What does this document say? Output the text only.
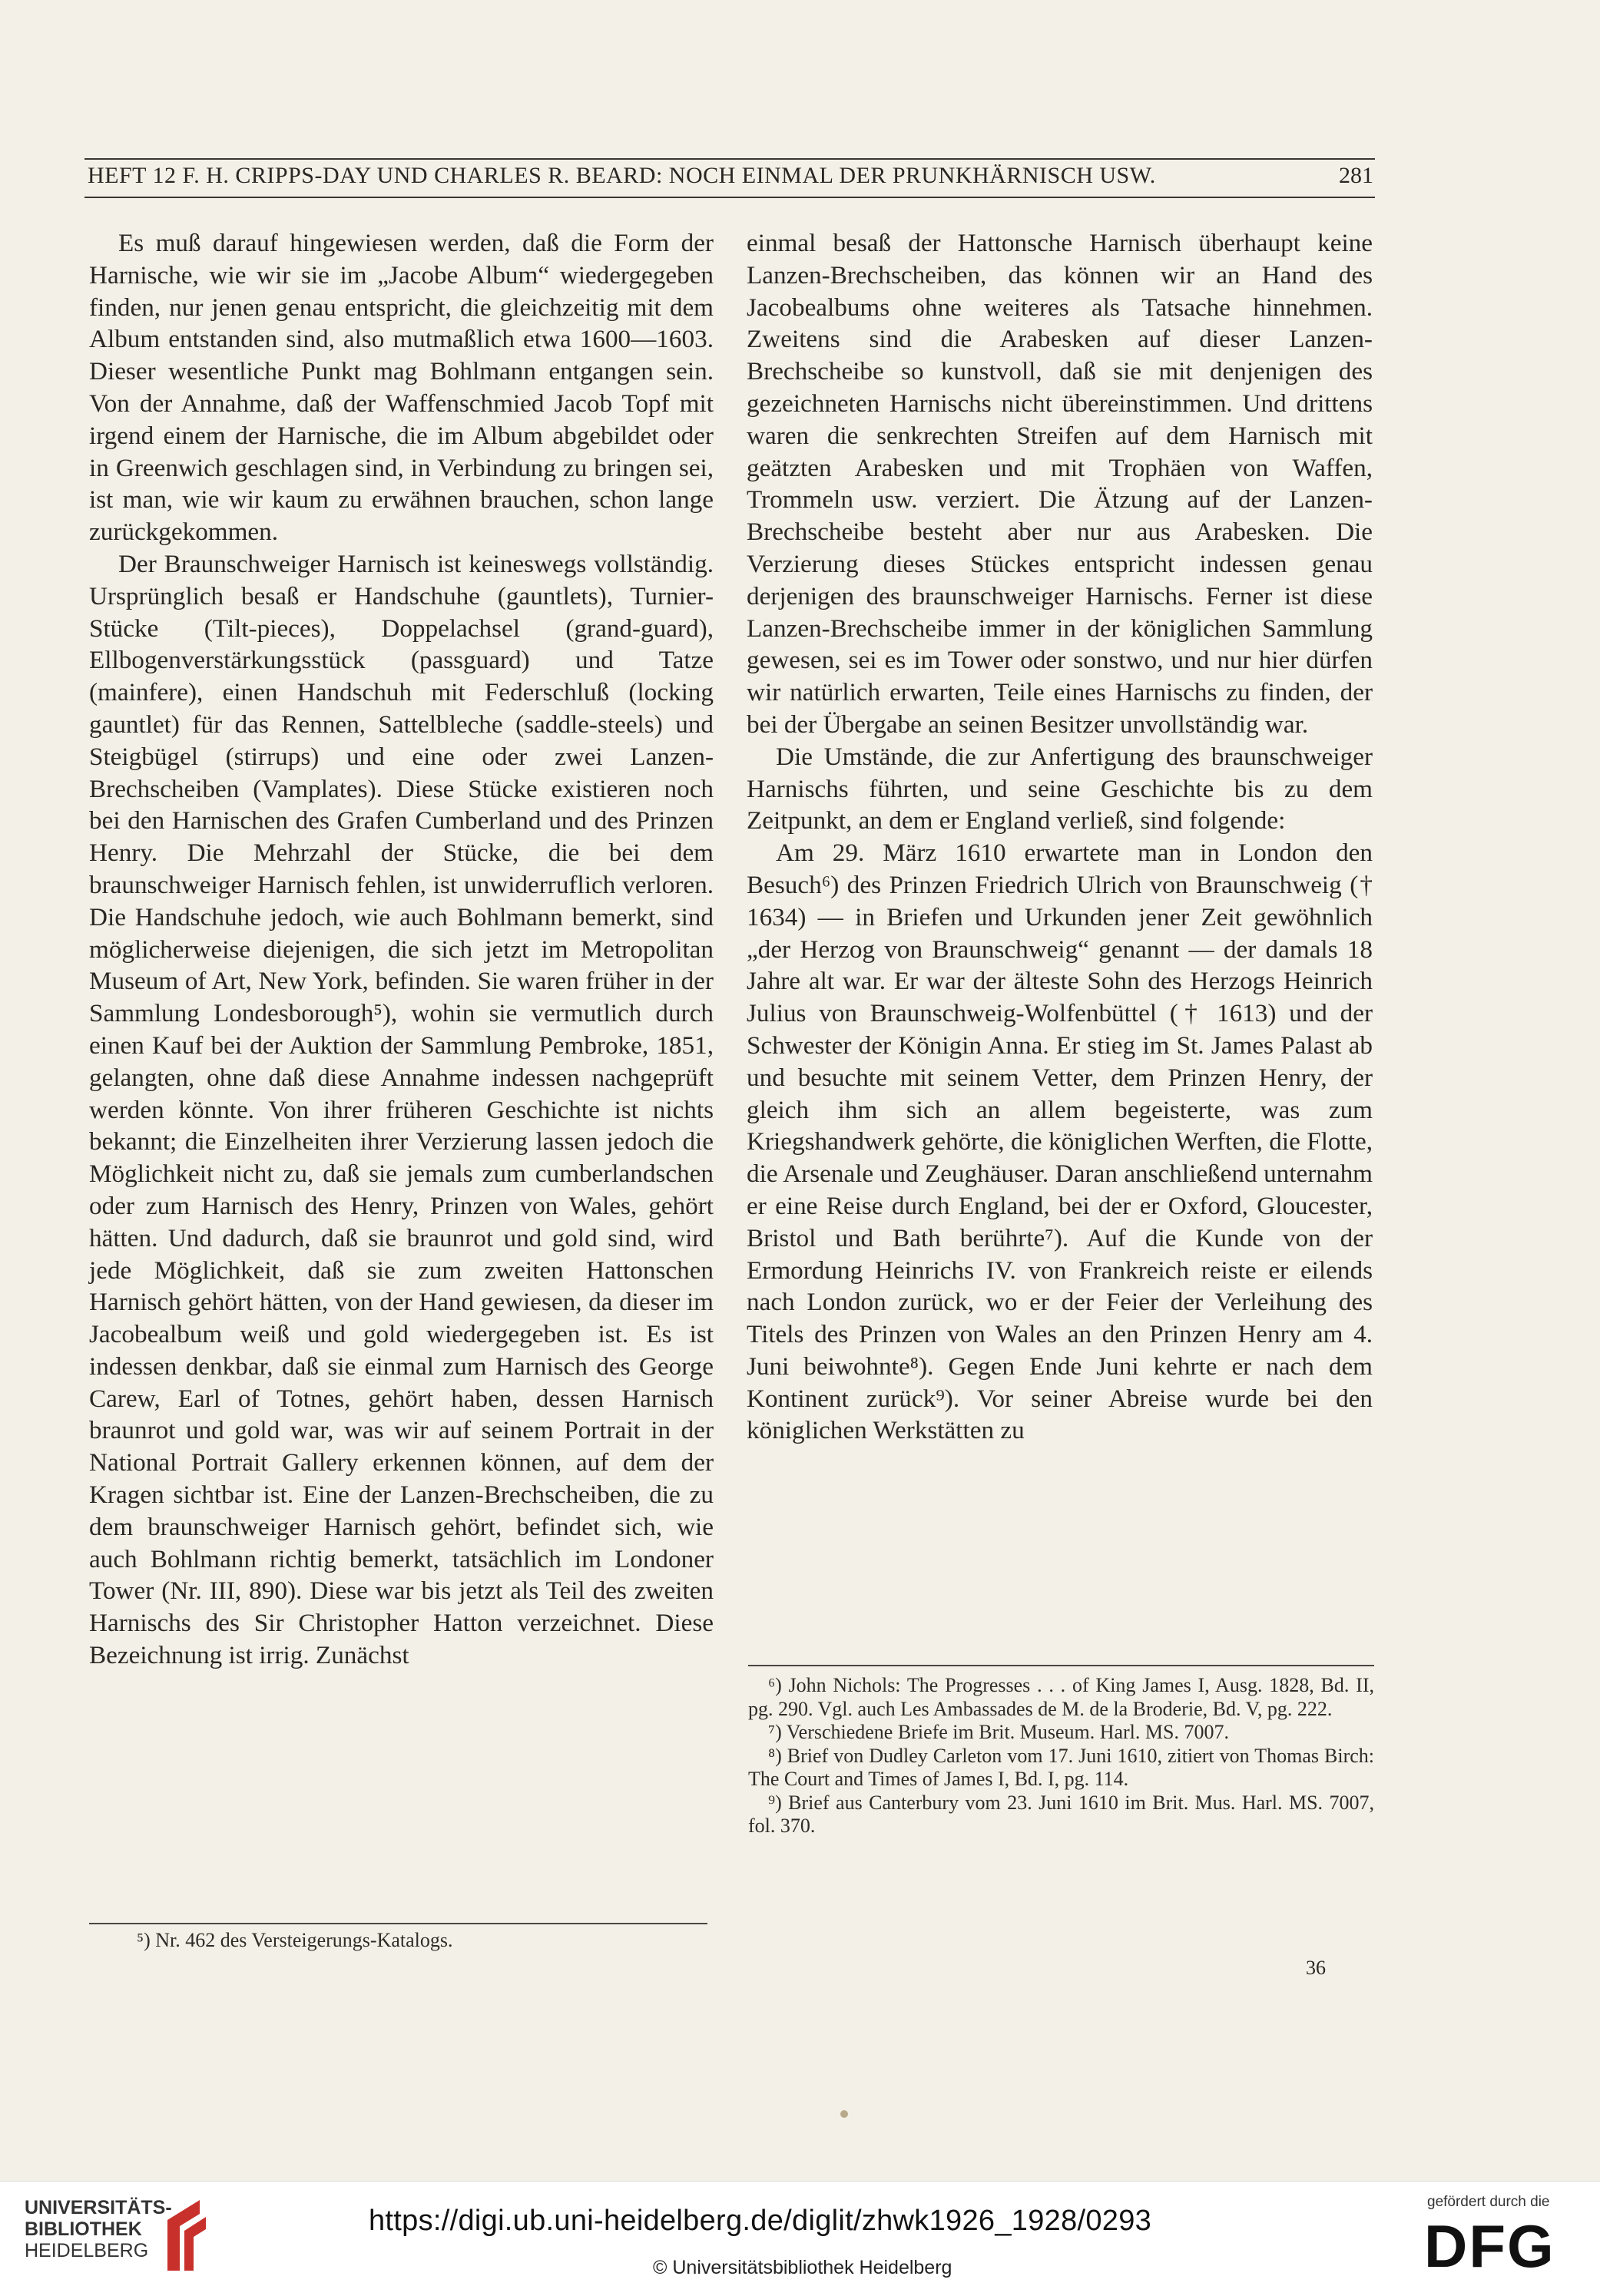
HEFT 12 F. H. CRIPPS-DAY UND CHARLES R. BEARD: NOCH EINMAL DER PRUNKHÄRNISCH USW.	281

Es muß darauf hingewiesen werden, daß die Form der Harnische, wie wir sie im „Jacobe Album“ wiedergegeben finden, nur jenen genau entspricht, die gleichzeitig mit dem Album entstanden sind, also mutmaßlich etwa 1600—1603. Dieser wesentliche Punkt mag Bohlmann entgangen sein. Von der Annahme, daß der Waffenschmied Jacob Topf mit irgend einem der Harnische, die im Album abgebildet oder in Greenwich geschlagen sind, in Verbindung zu bringen sei, ist man, wie wir kaum zu erwähnen brauchen, schon lange zurückgekommen.

Der Braunschweiger Harnisch ist keineswegs vollständig. Ursprünglich besaß er Handschuhe (gauntlets), Turnier-Stücke (Tilt-pieces), Doppelachsel (grand-guard), Ellbogenverstärkungsstück (passguard) und Tatze (mainfere), einen Handschuh mit Federschluß (locking gauntlet) für das Rennen, Sattelbleche (saddle-steels) und Steigbügel (stirrups) und eine oder zwei Lanzen-Brechscheiben (Vamplates). Diese Stücke existieren noch bei den Harnischen des Grafen Cumberland und des Prinzen Henry. Die Mehrzahl der Stücke, die bei dem braunschweiger Harnisch fehlen, ist unwiderruflich verloren. Die Handschuhe jedoch, wie auch Bohlmann bemerkt, sind möglicherweise diejenigen, die sich jetzt im Metropolitan Museum of Art, New York, befinden. Sie waren früher in der Sammlung Londesborough⁵), wohin sie vermutlich durch einen Kauf bei der Auktion der Sammlung Pembroke, 1851, gelangten, ohne daß diese Annahme indessen nachgeprüft werden könnte. Von ihrer früheren Geschichte ist nichts bekannt; die Einzelheiten ihrer Verzierung lassen jedoch die Möglichkeit nicht zu, daß sie jemals zum cumberlandschen oder zum Harnisch des Henry, Prinzen von Wales, gehört hätten. Und dadurch, daß sie braunrot und gold sind, wird jede Möglichkeit, daß sie zum zweiten Hattonschen Harnisch gehört hätten, von der Hand gewiesen, da dieser im Jacobealbum weiß und gold wiedergegeben ist. Es ist indessen denkbar, daß sie einmal zum Harnisch des George Carew, Earl of Totnes, gehört haben, dessen Harnisch braunrot und gold war, was wir auf seinem Portrait in der National Portrait Gallery erkennen können, auf dem der Kragen sichtbar ist. Eine der Lanzen-Brechscheiben, die zu dem braunschweiger Harnisch gehört, befindet sich, wie auch Bohlmann richtig bemerkt, tatsächlich im Londoner Tower (Nr. III, 890). Diese war bis jetzt als Teil des zweiten Harnischs des Sir Christopher Hatton verzeichnet. Diese Bezeichnung ist irrig. Zunächst

einmal besaß der Hattonsche Harnisch überhaupt keine Lanzen-Brechscheiben, das können wir an Hand des Jacobealbums ohne weiteres als Tatsache hinnehmen. Zweitens sind die Arabesken auf dieser Lanzen-Brechscheibe so kunstvoll, daß sie mit denjenigen des gezeichneten Harnischs nicht übereinstimmen. Und drittens waren die senkrechten Streifen auf dem Harnisch mit geätzten Arabesken und mit Trophäen von Waffen, Trommeln usw. verziert. Die Ätzung auf der Lanzen-Brechscheibe besteht aber nur aus Arabesken. Die Verzierung dieses Stückes entspricht indessen genau derjenigen des braunschweiger Harnischs. Ferner ist diese Lanzen-Brechscheibe immer in der königlichen Sammlung gewesen, sei es im Tower oder sonstwo, und nur hier dürfen wir natürlich erwarten, Teile eines Harnischs zu finden, der bei der Übergabe an seinen Besitzer unvollständig war.

Die Umstände, die zur Anfertigung des braunschweiger Harnischs führten, und seine Geschichte bis zu dem Zeitpunkt, an dem er England verließ, sind folgende:

Am 29. März 1610 erwartete man in London den Besuch⁶) des Prinzen Friedrich Ulrich von Braunschweig († 1634) — in Briefen und Urkunden jener Zeit gewöhnlich „der Herzog von Braunschweig“ genannt — der damals 18 Jahre alt war. Er war der älteste Sohn des Herzogs Heinrich Julius von Braunschweig-Wolfenbüttel († 1613) und der Schwester der Königin Anna. Er stieg im St. James Palast ab und besuchte mit seinem Vetter, dem Prinzen Henry, der gleich ihm sich an allem begeisterte, was zum Kriegshandwerk gehörte, die königlichen Werften, die Flotte, die Arsenale und Zeughäuser. Daran anschließend unternahm er eine Reise durch England, bei der er Oxford, Gloucester, Bristol und Bath berührte⁷). Auf die Kunde von der Ermordung Heinrichs IV. von Frankreich reiste er eilends nach London zurück, wo er der Feier der Verleihung des Titels des Prinzen von Wales an den Prinzen Henry am 4. Juni beiwohnte⁸). Gegen Ende Juni kehrte er nach dem Kontinent zurück⁹). Vor seiner Abreise wurde bei den königlichen Werkstätten zu

⁵) Nr. 462 des Versteigerungs-Katalogs.

⁶) John Nichols: The Progresses . . . of King James I, Ausg. 1828, Bd. II, pg. 290. Vgl. auch Les Ambassades de M. de la Broderie, Bd. V, pg. 222.

⁷) Verschiedene Briefe im Brit. Museum. Harl. MS. 7007.

⁸) Brief von Dudley Carleton vom 17. Juni 1610, zitiert von Thomas Birch: The Court and Times of James I, Bd. I, pg. 114.

⁹) Brief aus Canterbury vom 23. Juni 1610 im Brit. Mus. Harl. MS. 7007, fol. 370.

36
UNIVERSITÄTS-
BIBLIOTHEK
HEIDELBERG
https://digi.ub.uni-heidelberg.de/diglit/zhwk1926_1928/0293
© Universitätsbibliothek Heidelberg
gefördert durch die
DFG
